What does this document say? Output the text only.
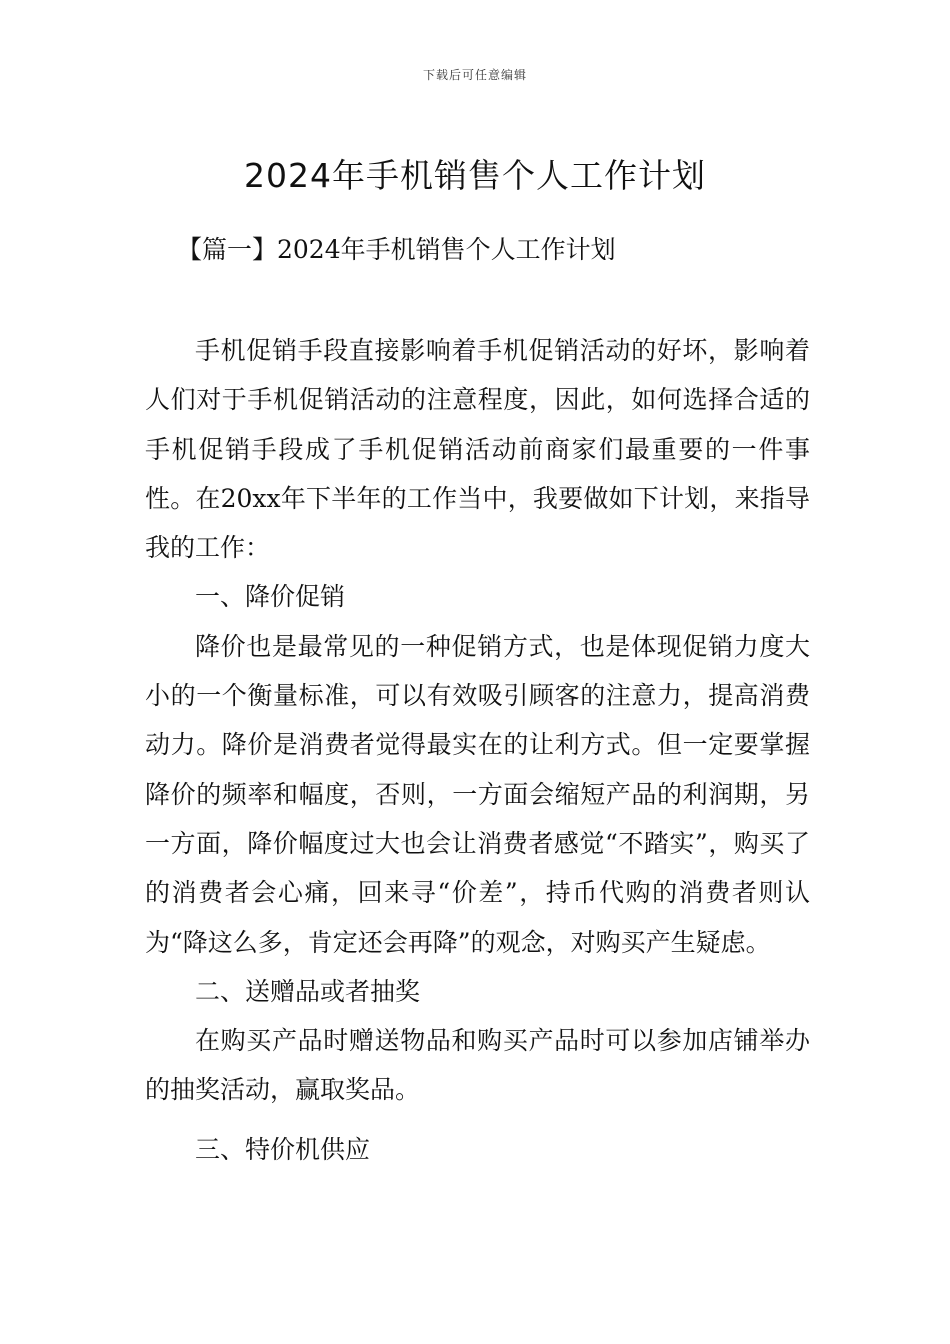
下载后可任意编辑
2024年手机销售个人工作计划
【篇一】2024年手机销售个人工作计划

手机促销手段直接影响着手机促销活动的好坏，影响着人们对于手机促销活动的注意程度，因此，如何选择合适的手机促销手段成了手机促销活动前商家们最重要的一件事性。在20xx年下半年的工作当中，我要做如下计划，来指导我的工作：

一、降价促销

降价也是最常见的一种促销方式，也是体现促销力度大小的一个衡量标准，可以有效吸引顾客的注意力，提高消费动力。降价是消费者觉得最实在的让利方式。但一定要掌握降价的频率和幅度，否则，一方面会缩短产品的利润期，另一方面，降价幅度过大也会让消费者感觉“不踏实”，购买了的消费者会心痛，回来寻“价差”，持币代购的消费者则认为“降这么多，肯定还会再降”的观念，对购买产生疑虑。

二、送赠品或者抽奖

在购买产品时赠送物品和购买产品时可以参加店铺举办的抽奖活动，赢取奖品。

三、特价机供应
